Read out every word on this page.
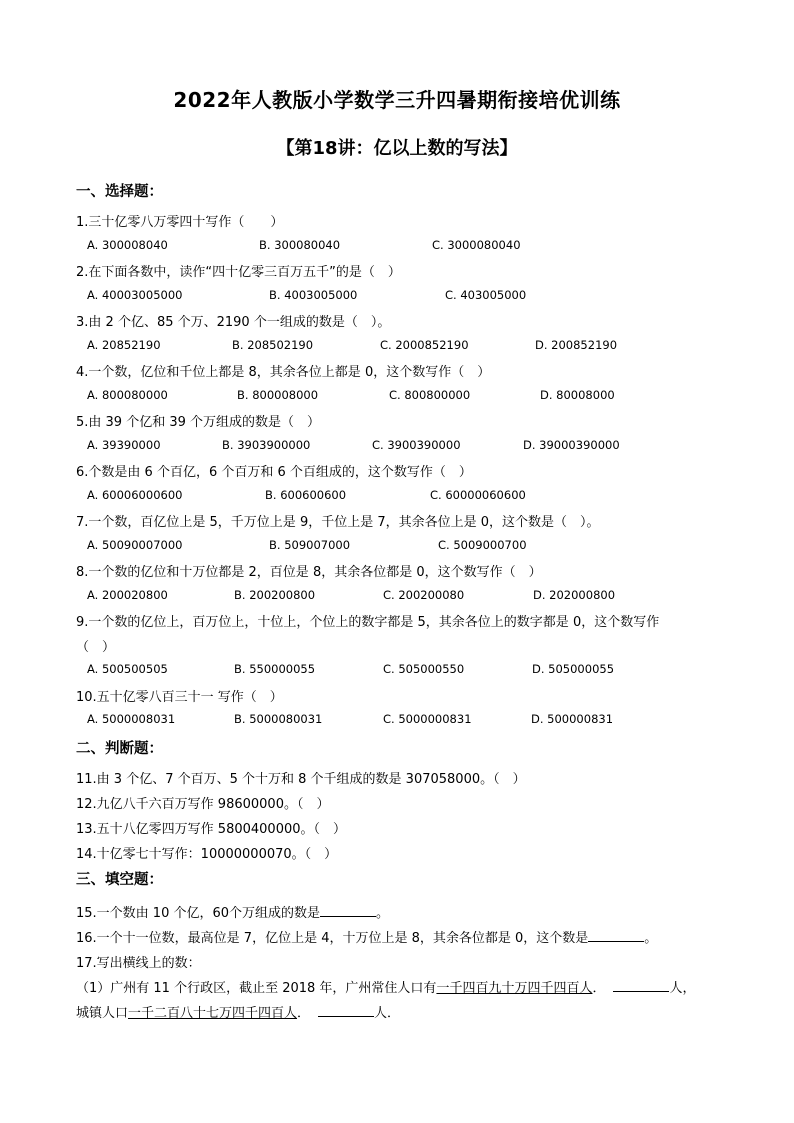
2022年人教版小学数学三升四暑期衔接培优训练
【第18讲：亿以上数的写法】
一、选择题：
1.三十亿零八万零四十写作（　　）
A. 300008040	B. 300080040	C. 3000080040
2.在下面各数中，读作“四十亿零三百万五千”的是（　）
A. 40003005000	B. 4003005000	C. 403005000
3.由 2 个亿、85 个万、2190 个一组成的数是（　）。
A. 20852190	B. 208502190	C. 2000852190	D. 200852190
4.一个数，亿位和千位上都是 8，其余各位上都是 0，这个数写作（　）
A. 800080000	B. 800008000	C. 800800000	D. 80008000
5.由 39 个亿和 39 个万组成的数是（　）
A. 39390000	B. 3903900000	C. 3900390000	D. 39000390000
6.个数是由 6 个百亿，6 个百万和 6 个百组成的，这个数写作（　）
A. 60006000600	B. 600600600	C. 60000060600
7.一个数，百亿位上是 5，千万位上是 9，千位上是 7，其余各位上是 0，这个数是（　）。
A. 50090007000	B. 509007000	C. 5009000700
8.一个数的亿位和十万位都是 2，百位是 8，其余各位都是 0，这个数写作（　）
A. 200020800	B. 200200800	C. 200200080	D. 202000800
9.一个数的亿位上，百万位上，十位上，个位上的数字都是 5，其余各位上的数字都是 0，这个数写作
（　）
A. 500500505	B. 550000055	C. 505000550	D. 505000055
10.五十亿零八百三十一 写作（　）
A. 5000008031	B. 5000080031	C. 5000000831	D. 500000831
二、判断题：
11.由 3 个亿、7 个百万、5 个十万和 8 个千组成的数是 307058000。（　）
12.九亿八千六百万写作 98600000。（　）
13.五十八亿零四万写作 5800400000。（　）
14.十亿零七十写作：10000000070。（　）
三、填空题：
15.一个数由 10 个亿，60个万组成的数是	。
16.一个十一位数，最高位是 7，亿位上是 4，十万位上是 8，其余各位都是 0，这个数是	。
17.写出横线上的数：
（1）广州有 11 个行政区，截止至 2018 年，广州常住人口有一千四百九十万四千四百人．	人，
城镇人口一千二百八十七万四千四百人．	人．
